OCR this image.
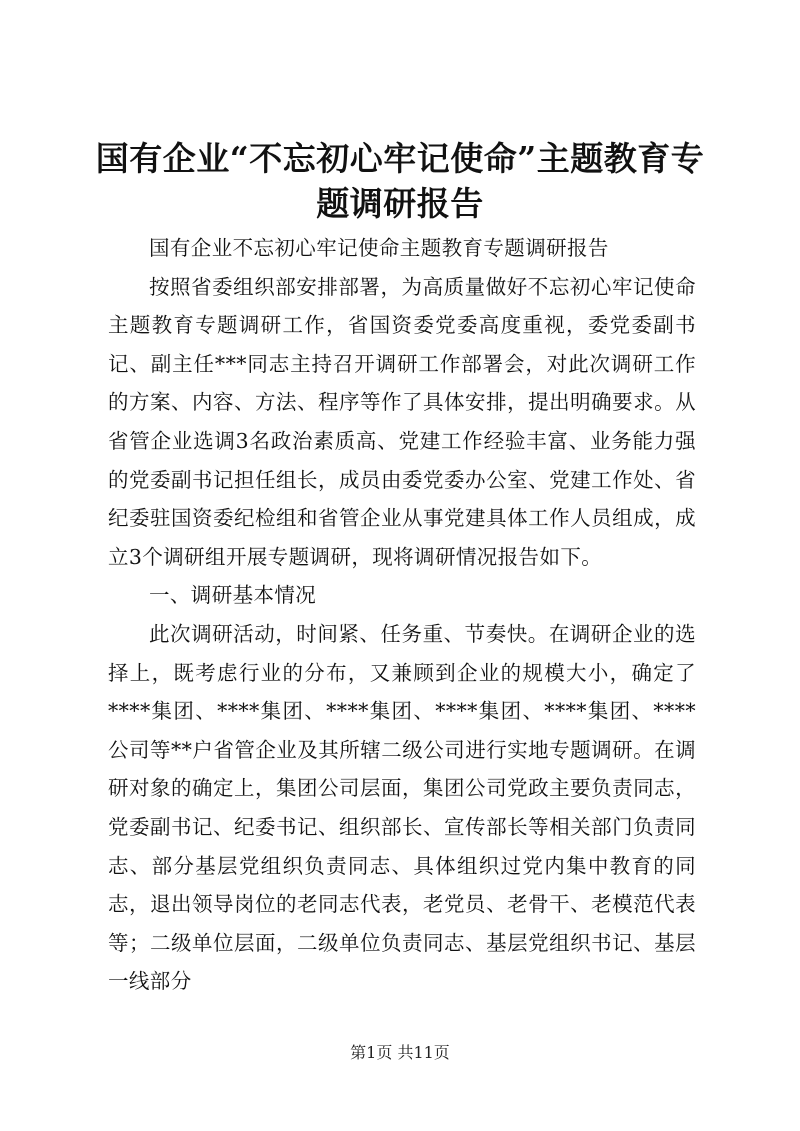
国有企业“不忘初心牢记使命”主题教育专题调研报告

国有企业不忘初心牢记使命主题教育专题调研报告

按照省委组织部安排部署，为高质量做好不忘初心牢记使命主题教育专题调研工作，省国资委党委高度重视，委党委副书记、副主任***同志主持召开调研工作部署会，对此次调研工作的方案、内容、方法、程序等作了具体安排，提出明确要求。从省管企业选调3名政治素质高、党建工作经验丰富、业务能力强的党委副书记担任组长，成员由委党委办公室、党建工作处、省纪委驻国资委纪检组和省管企业从事党建具体工作人员组成，成立3个调研组开展专题调研，现将调研情况报告如下。

一、调研基本情况

此次调研活动，时间紧、任务重、节奏快。在调研企业的选择上，既考虑行业的分布，又兼顾到企业的规模大小，确定了****集团、****集团、****集团、****集团、****集团、****公司等**户省管企业及其所辖二级公司进行实地专题调研。在调研对象的确定上，集团公司层面，集团公司党政主要负责同志，党委副书记、纪委书记、组织部长、宣传部长等相关部门负责同志、部分基层党组织负责同志、具体组织过党内集中教育的同志，退出领导岗位的老同志代表，老党员、老骨干、老模范代表等；二级单位层面，二级单位负责同志、基层党组织书记、基层一线部分

第1页 共11页
